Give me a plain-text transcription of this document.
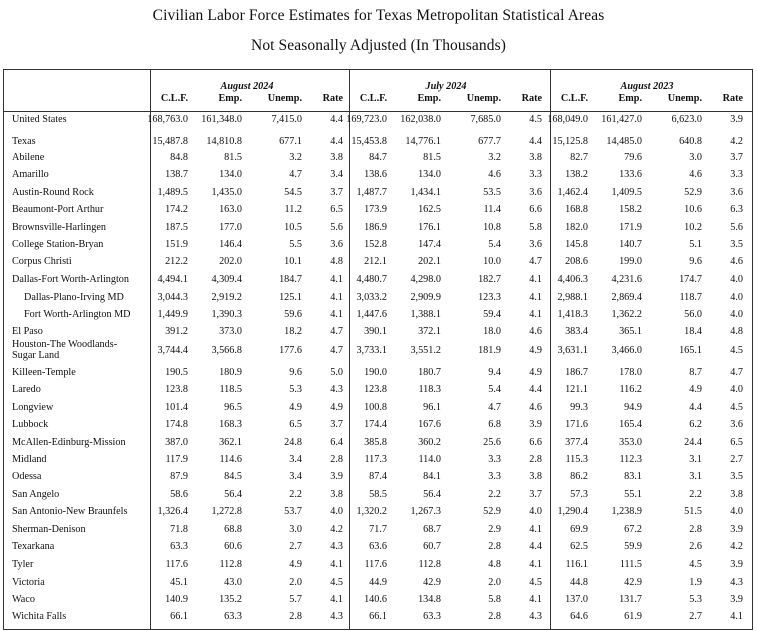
Civilian Labor Force Estimates for Texas Metropolitan Statistical Areas
Not Seasonally Adjusted (In Thousands)
August 2024
C.L.F.	Emp.	Unemp.	Rate
July 2024
C.L.F.	Emp.	Unemp.	Rate
August 2023
C.L.F.	Emp.	Unemp.	Rate
United States	168,763.0	161,348.0	7,415.0	4.4 169,723.0	162,038.0	7,685.0	4.5 168,049.0	161,427.0	6,623.0	3.9
Texas	15,487.8	14,810.8	677.1	4.4 15,453.8	14,776.1	677.7	4.4	15,125.8	14,485.0	640.8	4.2
Abilene	84.8	81.5	3.2	3.8	84.7	81.5	3.2	3.8	82.7	79.6	3.0	3.7
Amarillo	138.7	134.0	4.7	3.4	138.6	134.0	4.6	3.3	138.2	133.6	4.6	3.3
Austin-Round Rock	1,489.5	1,435.0	54.5	3.7	1,487.7	1,434.1	53.5	3.6	1,462.4	1,409.5	52.9	3.6
Beaumont-Port Arthur	174.2	163.0	11.2	6.5	173.9	162.5	11.4	6.6	168.8	158.2	10.6	6.3
Brownsville-Harlingen	187.5	177.0	10.5	5.6	186.9	176.1	10.8	5.8	182.0	171.9	10.2	5.6
College Station-Bryan	151.9	146.4	5.5	3.6	152.8	147.4	5.4	3.6	145.8	140.7	5.1	3.5
Corpus Christi	212.2	202.0	10.1	4.8	212.1	202.1	10.0	4.7	208.6	199.0	9.6	4.6
Dallas-Fort Worth-Arlington	4,494.1	4,309.4	184.7	4.1	4,480.7	4,298.0	182.7	4.1	4,406.3	4,231.6	174.7	4.0
Dallas-Plano-Irving MD	3,044.3	2,919.2	125.1	4.1	3,033.2	2,909.9	123.3	4.1	2,988.1	2,869.4	118.7	4.0
Fort Worth-Arlington MD	1,449.9	1,390.3	59.6	4.1	1,447.6	1,388.1	59.4	4.1	1,418.3	1,362.2	56.0	4.0
El Paso	391.2	373.0	18.2	4.7	390.1	372.1	18.0	4.6	383.4	365.1	18.4	4.8
Houston-The Woodlands-
Sugar Land	3,744.4	3,566.8	177.6	4.7	3,733.1	3,551.2	181.9	4.9	3,631.1	3,466.0	165.1	4.5
Killeen-Temple	190.5	180.9	9.6	5.0	190.0	180.7	9.4	4.9	186.7	178.0	8.7	4.7
Laredo	123.8	118.5	5.3	4.3	123.8	118.3	5.4	4.4	121.1	116.2	4.9	4.0
Longview	101.4	96.5	4.9	4.9	100.8	96.1	4.7	4.6	99.3	94.9	4.4	4.5
Lubbock	174.8	168.3	6.5	3.7	174.4	167.6	6.8	3.9	171.6	165.4	6.2	3.6
McAllen-Edinburg-Mission	387.0	362.1	24.8	6.4	385.8	360.2	25.6	6.6	377.4	353.0	24.4	6.5
Midland	117.9	114.6	3.4	2.8	117.3	114.0	3.3	2.8	115.3	112.3	3.1	2.7
Odessa	87.9	84.5	3.4	3.9	87.4	84.1	3.3	3.8	86.2	83.1	3.1	3.5
San Angelo	58.6	56.4	2.2	3.8	58.5	56.4	2.2	3.7	57.3	55.1	2.2	3.8
San Antonio-New Braunfels	1,326.4	1,272.8	53.7	4.0	1,320.2	1,267.3	52.9	4.0	1,290.4	1,238.9	51.5	4.0
Sherman-Denison	71.8	68.8	3.0	4.2	71.7	68.7	2.9	4.1	69.9	67.2	2.8	3.9
Texarkana	63.3	60.6	2.7	4.3	63.6	60.7	2.8	4.4	62.5	59.9	2.6	4.2
Tyler	117.6	112.8	4.9	4.1	117.6	112.8	4.8	4.1	116.1	111.5	4.5	3.9
Victoria	45.1	43.0	2.0	4.5	44.9	42.9	2.0	4.5	44.8	42.9	1.9	4.3
Waco	140.9	135.2	5.7	4.1	140.6	134.8	5.8	4.1	137.0	131.7	5.3	3.9
Wichita Falls	66.1	63.3	2.8	4.3	66.1	63.3	2.8	4.3	64.6	61.9	2.7	4.1
